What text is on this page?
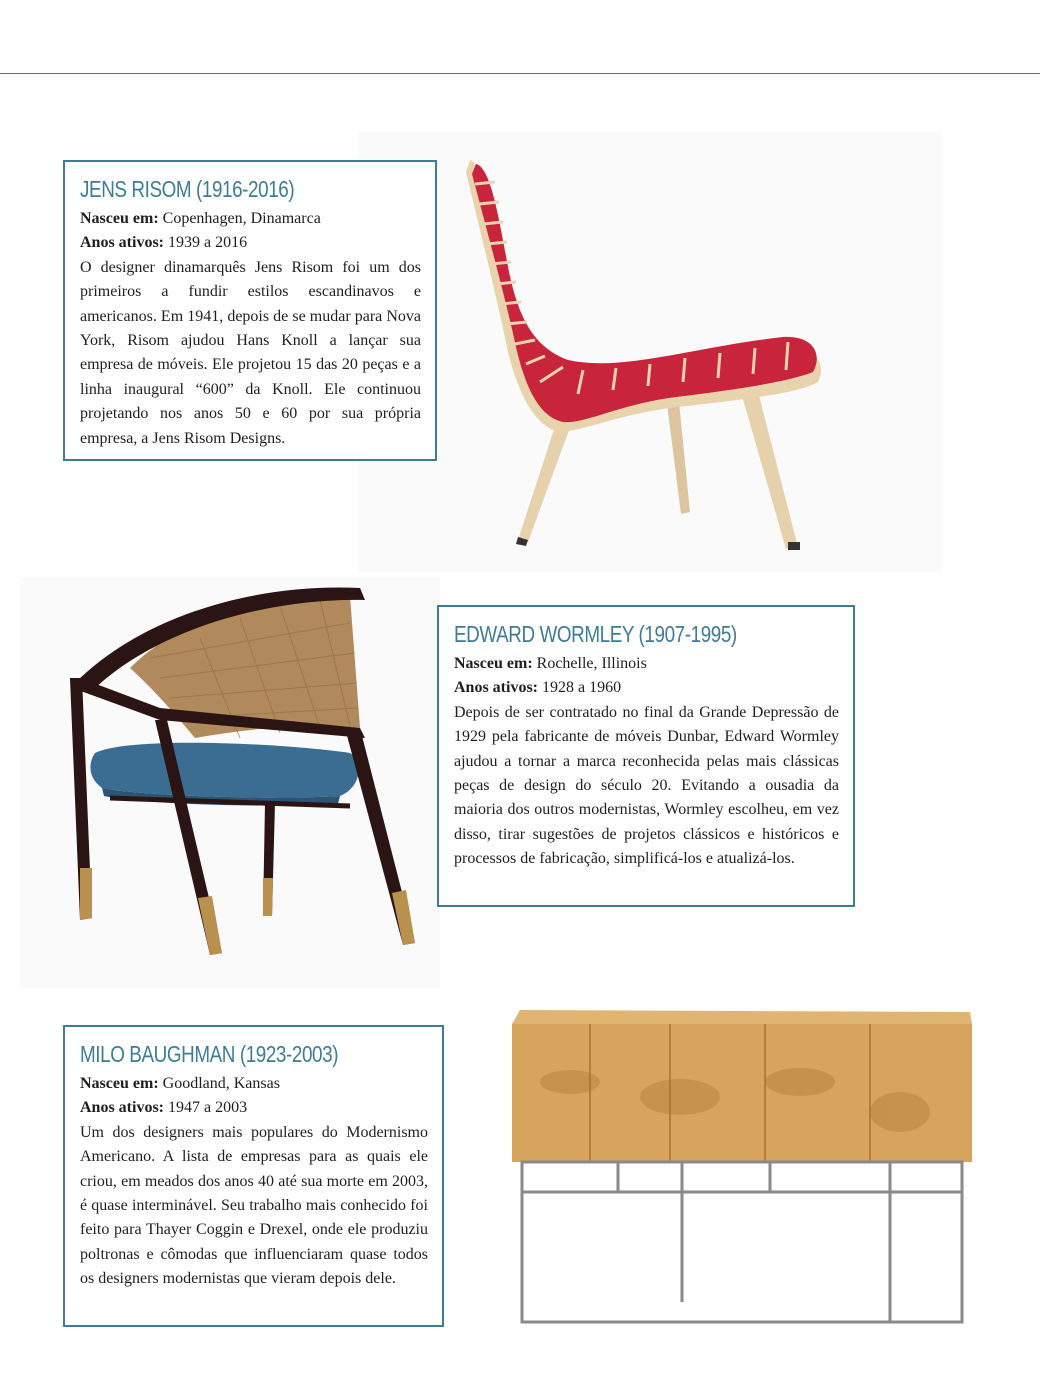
JENS RISOM (1916-2016)
Nasceu em: Copenhagen, Dinamarca
Anos ativos: 1939 a 2016

O designer dinamarquês Jens Risom foi um dos primeiros a fundir estilos escandinavos e americanos. Em 1941, depois de se mudar para Nova York, Risom ajudou Hans Knoll a lançar sua empresa de móveis. Ele projetou 15 das 20 peças e a linha inaugural “600” da Knoll. Ele continuou projetando nos anos 50 e 60 por sua própria empresa, a Jens Risom Designs.

EDWARD WORMLEY (1907-1995)
Nasceu em: Rochelle, Illinois
Anos ativos: 1928 a 1960

Depois de ser contratado no final da Grande Depressão de 1929 pela fabricante de móveis Dunbar, Edward Wormley ajudou a tornar a marca reconhecida pelas mais clássicas peças de design do século 20. Evitando a ousadia da maioria dos outros modernistas, Wormley escolheu, em vez disso, tirar sugestões de projetos clássicos e históricos e processos de fabricação, simplificá-los e atualizá-los.

MILO BAUGHMAN (1923-2003)
Nasceu em: Goodland, Kansas
Anos ativos: 1947 a 2003

Um dos designers mais populares do Modernismo Americano. A lista de empresas para as quais ele criou, em meados dos anos 40 até sua morte em 2003, é quase interminável. Seu trabalho mais conhecido foi feito para Thayer Coggin e Drexel, onde ele produziu poltronas e cômodas que influenciaram quase todos os designers modernistas que vieram depois dele.
